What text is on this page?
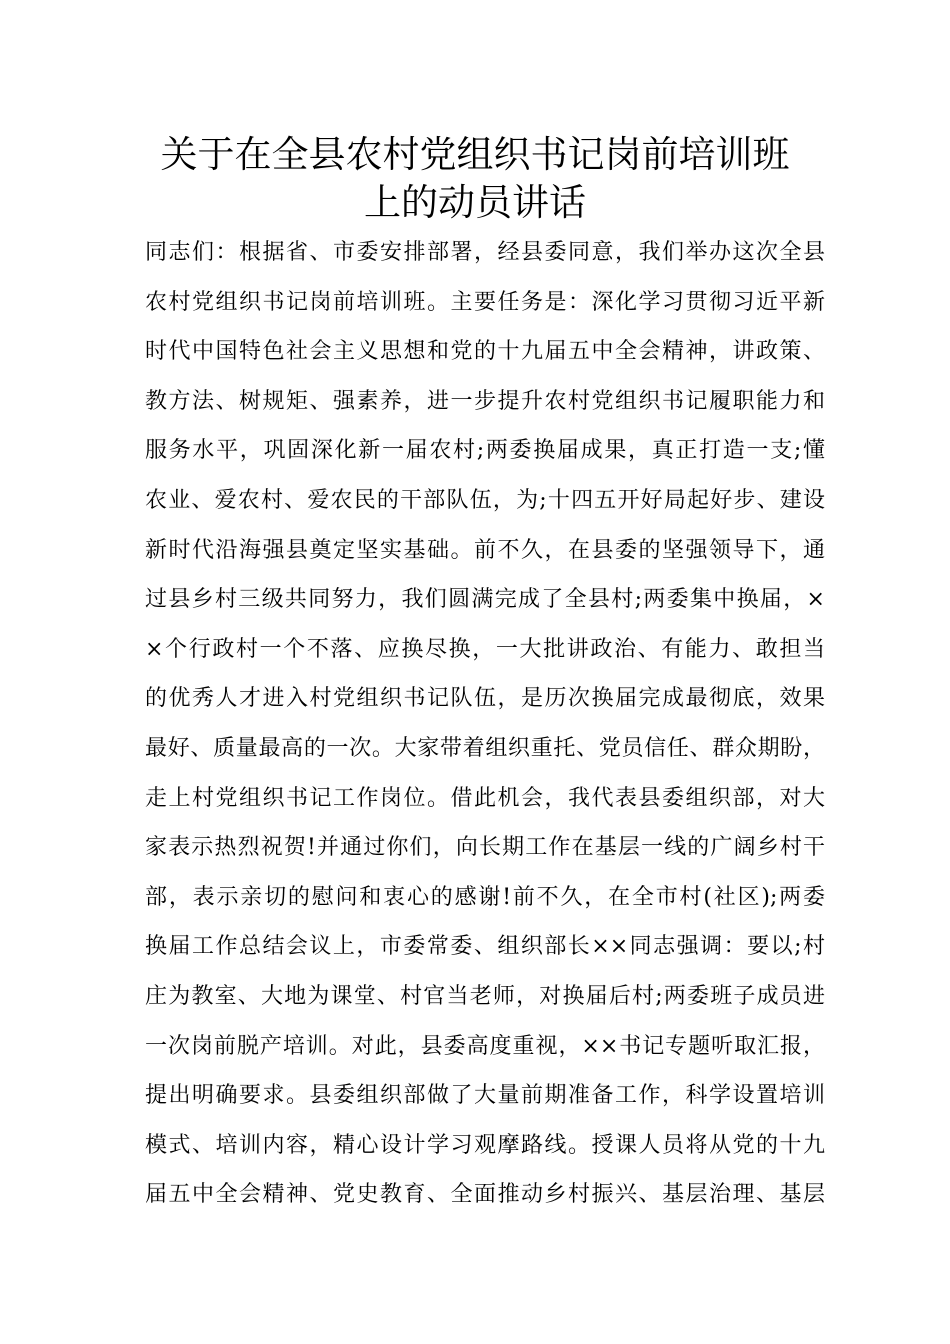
关于在全县农村党组织书记岗前培训班
上的动员讲话
同志们：根据省、市委安排部署，经县委同意，我们举办这次全县
农村党组织书记岗前培训班。主要任务是：深化学习贯彻习近平新
时代中国特色社会主义思想和党的十九届五中全会精神，讲政策、
教方法、树规矩、强素养，进一步提升农村党组织书记履职能力和
服务水平，巩固深化新一届农村;两委换届成果，真正打造一支;懂
农业、爱农村、爱农民的干部队伍，为;十四五开好局起好步、建设
新时代沿海强县奠定坚实基础。前不久，在县委的坚强领导下，通
过县乡村三级共同努力，我们圆满完成了全县村;两委集中换届，×
×个行政村一个不落、应换尽换，一大批讲政治、有能力、敢担当
的优秀人才进入村党组织书记队伍，是历次换届完成最彻底，效果
最好、质量最高的一次。大家带着组织重托、党员信任、群众期盼，
走上村党组织书记工作岗位。借此机会，我代表县委组织部，对大
家表示热烈祝贺!并通过你们，向长期工作在基层一线的广阔乡村干
部，表示亲切的慰问和衷心的感谢!前不久，在全市村(社区);两委
换届工作总结会议上，市委常委、组织部长××同志强调：要以;村
庄为教室、大地为课堂、村官当老师，对换届后村;两委班子成员进
一次岗前脱产培训。对此，县委高度重视，××书记专题听取汇报，
提出明确要求。县委组织部做了大量前期准备工作，科学设置培训
模式、培训内容，精心设计学习观摩路线。授课人员将从党的十九
届五中全会精神、党史教育、全面推动乡村振兴、基层治理、基层
